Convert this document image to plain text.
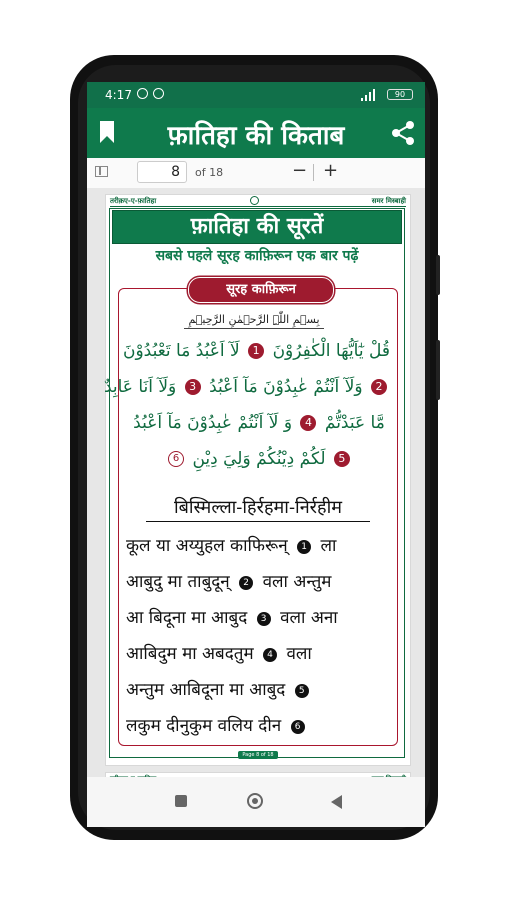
4:17	90
फ़ातिहा की किताब
8	of 18	− +
तरीक़ए-ए-फ़ातिहा	समर मिस्बाही
फ़ातिहा की सूरतें
सबसे पहले सूरह काफ़िरून एक बार पढ़ें
सूरह काफ़िरून
بِسۡمِ اللّٰہِ الرَّحۡمٰنِ الرَّحِیۡمِ
قُلْ يٰٓاَيُّهَا الْكٰفِرُوْنَ 1 لَآ اَعْبُدُ مَا تَعْبُدُوْنَ
2 وَلَآ اَنْتُمْ عٰبِدُوْنَ مَآ اَعْبُدُ 3 وَلَآ اَنَا عَابِدٌ
مَّا عَبَدْتُّمْ 4 وَ لَآ اَنْتُمْ عٰبِدُوْنَ مَآ اَعْبُدُ
5 لَكُمْ دِيْنُكُمْ وَلِيَ دِيْنِ 6
बिस्मिल्ला-हिर्रहमा-निर्रहीम
कूल या अय्युहल काफिरून् 1 ला
आबुदु मा ताबुदून् 2 वला अन्तुम
आ बिदूना मा आबुद 3 वला अना
आबिदुम मा अबदतुम 4 वला
अन्तुम आबिदूना मा आबुद 5
लकुम दीनुकुम वलिय दीन 6
Page 8 of 18
